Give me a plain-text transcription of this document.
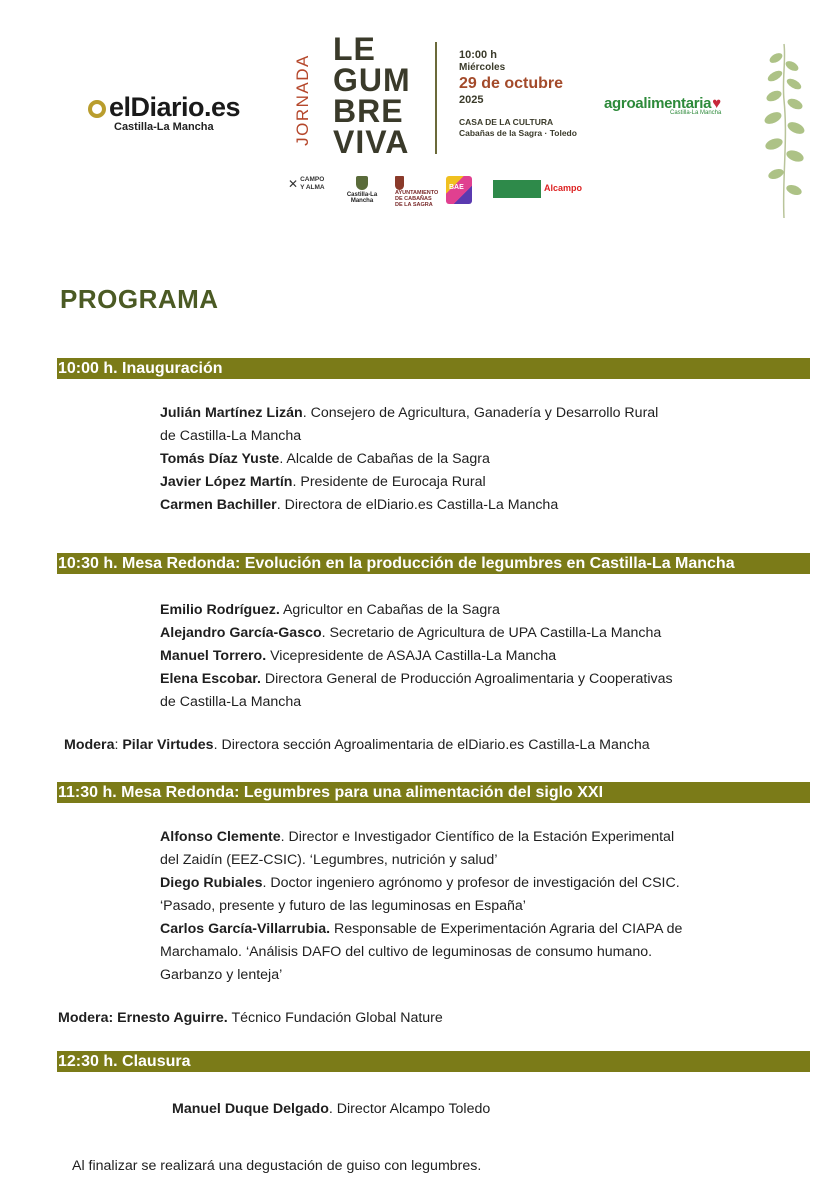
elDiario.es
Castilla-La Mancha	JORNADA
LE
GUM
BRE
VIVA
10:00 h
Miércoles
29 de octubre
2025
CASA DE LA CULTURA
Cabañas de la Sagra · Toledo
✕ CAMPO Y ALMA
Castilla-La Mancha
AYUNTAMIENTO DE CABAÑAS DE LA SAGRA
BAE	Alcampo
agroalimentaria♥
Castilla-La Mancha
PROGRAMA
10:00 h. Inauguración
Julián Martínez Lizán. Consejero de Agricultura, Ganadería y Desarrollo Rural
de Castilla-La Mancha
Tomás Díaz Yuste. Alcalde de Cabañas de la Sagra
Javier López Martín. Presidente de Eurocaja Rural
Carmen Bachiller. Directora de elDiario.es Castilla-La Mancha
10:30 h. Mesa Redonda: Evolución en la producción de legumbres en Castilla-La Mancha
Emilio Rodríguez. Agricultor en Cabañas de la Sagra
Alejandro García-Gasco. Secretario de Agricultura de UPA Castilla-La Mancha
Manuel Torrero. Vicepresidente de ASAJA Castilla-La Mancha
Elena Escobar. Directora General de Producción Agroalimentaria y Cooperativas
de Castilla-La Mancha
Modera: Pilar Virtudes. Directora sección Agroalimentaria de elDiario.es Castilla-La Mancha
11:30 h. Mesa Redonda: Legumbres para una alimentación del siglo XXI
Alfonso Clemente. Director e Investigador Científico de la Estación Experimental
del Zaidín (EEZ-CSIC). ‘Legumbres, nutrición y salud’
Diego Rubiales. Doctor ingeniero agrónomo y profesor de investigación del CSIC.
‘Pasado, presente y futuro de las leguminosas en España’
Carlos García-Villarrubia. Responsable de Experimentación Agraria del CIAPA de
Marchamalo. ‘Análisis DAFO del cultivo de leguminosas de consumo humano.
Garbanzo y lenteja’
Modera: Ernesto Aguirre. Técnico Fundación Global Nature
12:30 h. Clausura
Manuel Duque Delgado. Director Alcampo Toledo
Al finalizar se realizará una degustación de guiso con legumbres.
